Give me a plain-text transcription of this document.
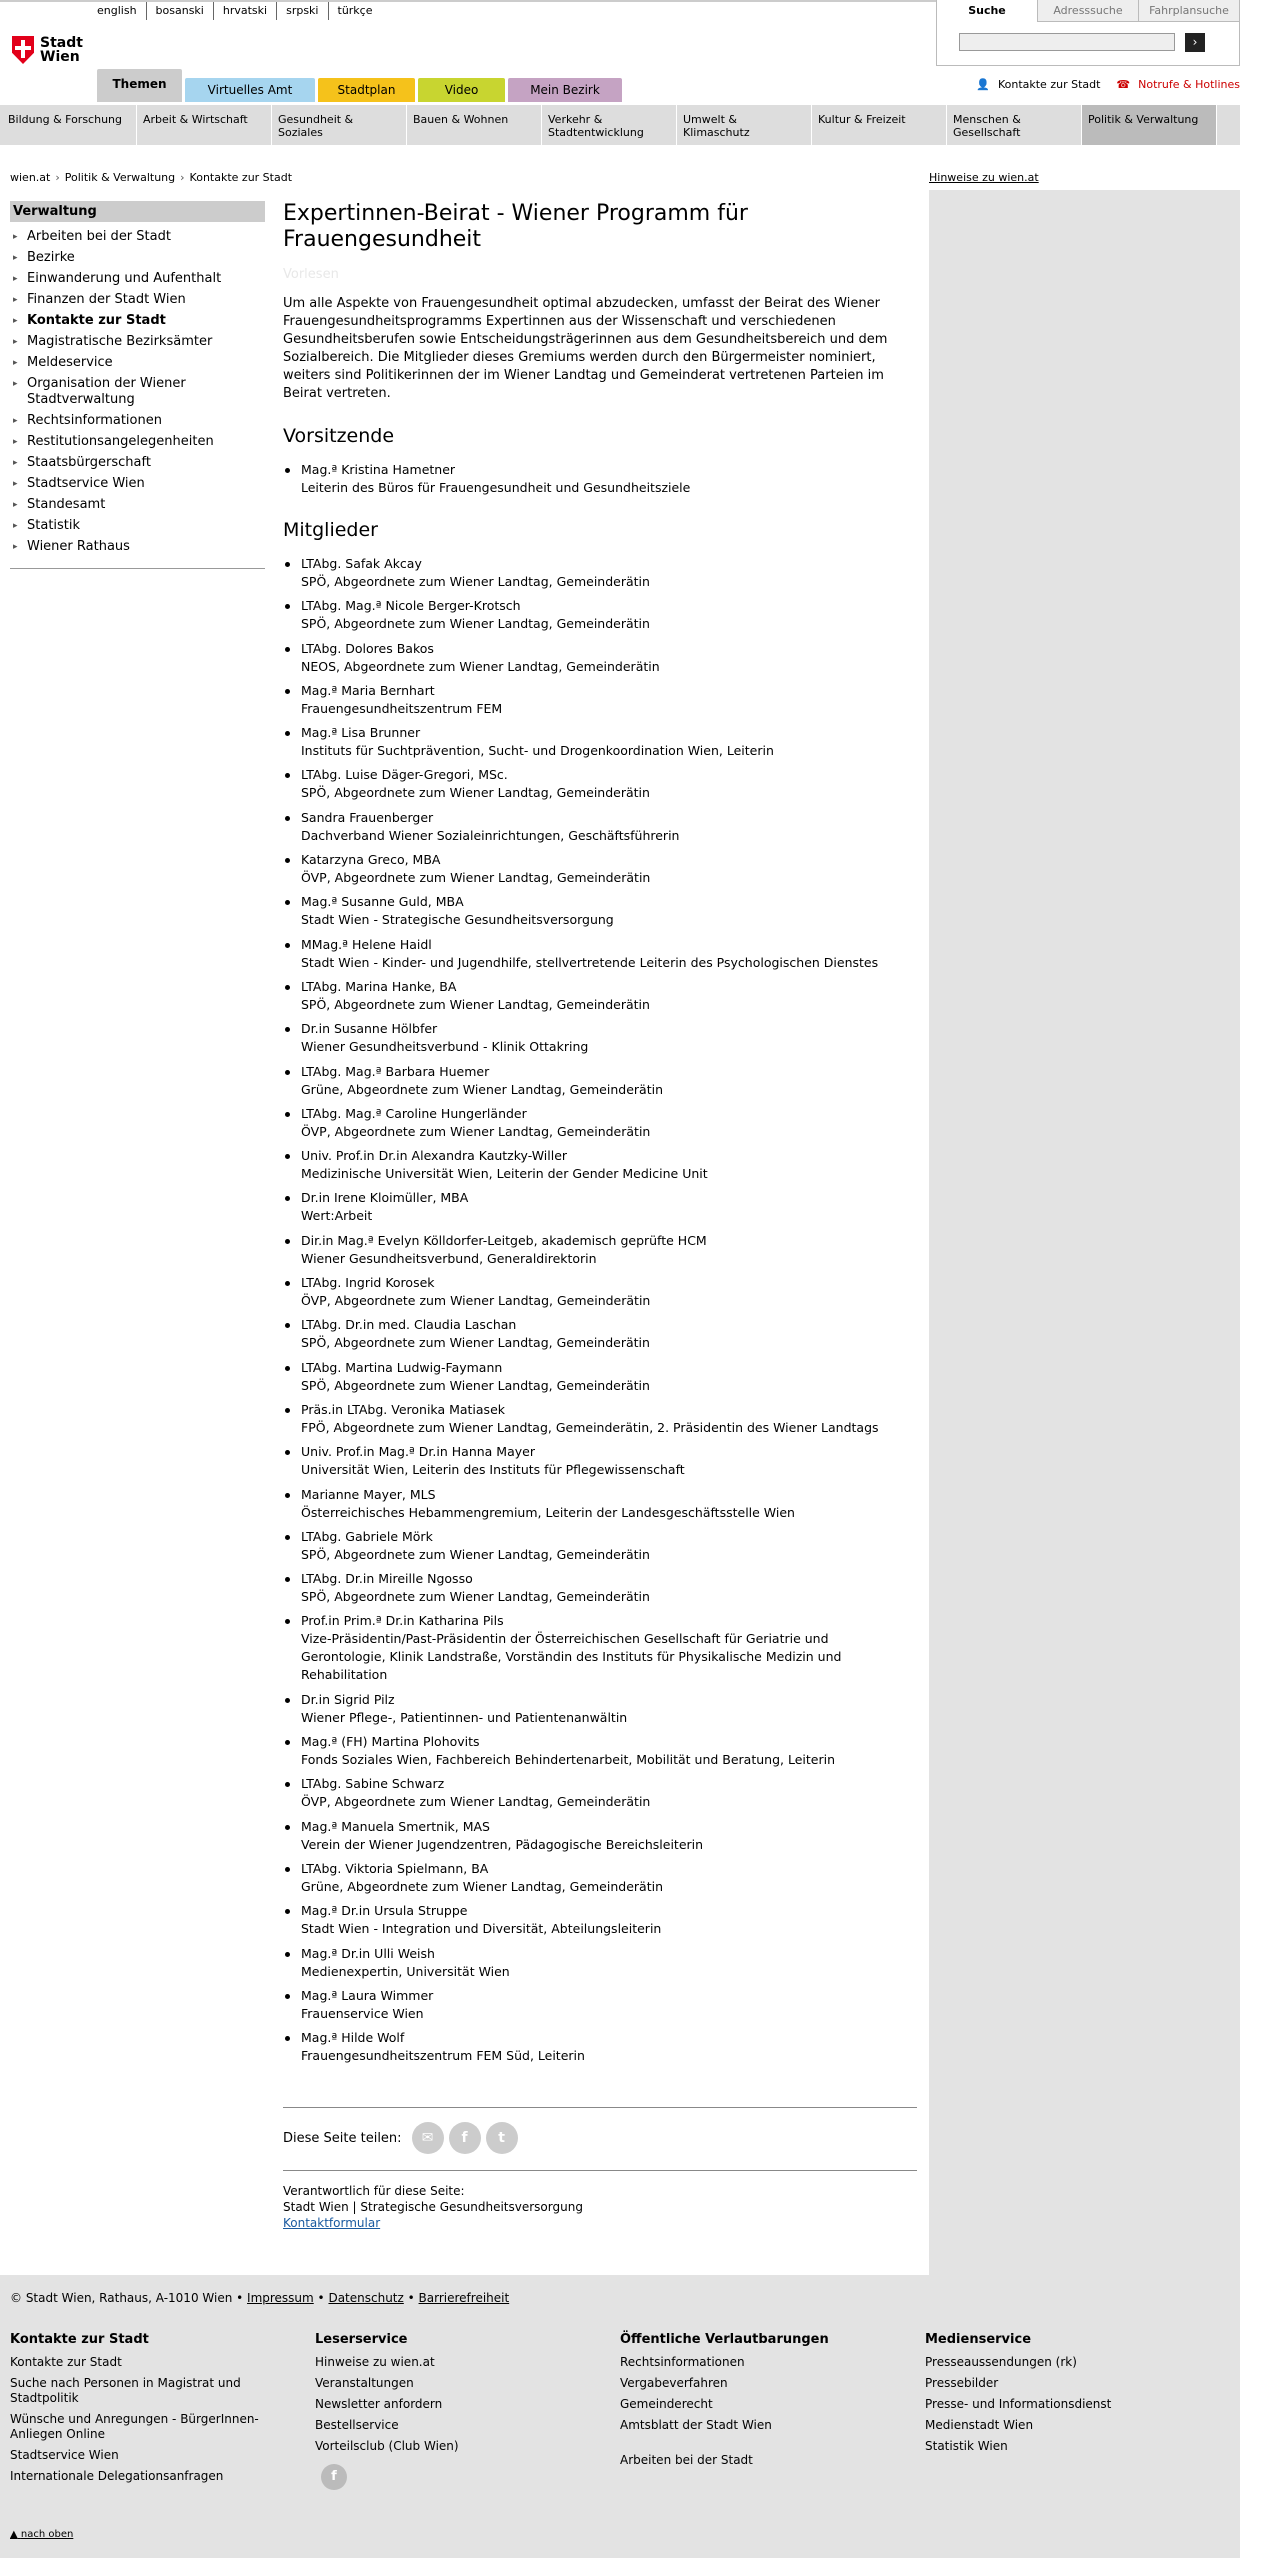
english	bosanski	hrvatski	srpski	türkçe
Stadt
Wien
Suche	Adresssuche	Fahrplansuche
›
👤 Kontakte zur Stadt	☎ Notrufe & Hotlines
Themen	Virtuelles Amt	Stadtplan	Video	Mein Bezirk
Bildung & Forschung	Arbeit & Wirtschaft	Gesundheit & Soziales
Bauen & Wohnen	Verkehr & Stadtentwicklung
Umwelt & Klimaschutz
Kultur & Freizeit	Menschen & Gesellschaft
Politik & Verwaltung
wien.at › Politik & Verwaltung › Kontakte zur Stadt	Hinweise zu wien.at
Verwaltung
▸ Arbeiten bei der Stadt
▸ Bezirke
▸ Einwanderung und Aufenthalt
▸ Finanzen der Stadt Wien
▸ Kontakte zur Stadt
▸ Magistratische Bezirksämter
▸ Meldeservice
▸ Organisation der Wiener Stadtverwaltung
▸ Rechtsinformationen
▸ Restitutionsangelegenheiten
▸ Staatsbürgerschaft
▸ Stadtservice Wien
▸ Standesamt
▸ Statistik
▸ Wiener Rathaus
Expertinnen-Beirat - Wiener Programm für Frauengesundheit
Vorlesen

Um alle Aspekte von Frauengesundheit optimal abzudecken, umfasst der Beirat des Wiener Frauengesundheitsprogramms Expertinnen aus der Wissenschaft und verschiedenen Gesundheitsberufen sowie Entscheidungsträgerinnen aus dem Gesundheitsbereich und dem Sozialbereich. Die Mitglieder dieses Gremiums werden durch den Bürgermeister nominiert, weiters sind Politikerinnen der im Wiener Landtag und Gemeinderat vertretenen Parteien im Beirat vertreten.

Vorsitzende
Mag.ª Kristina Hametner
Leiterin des Büros für Frauengesundheit und Gesundheitsziele
Mitglieder
LTAbg. Safak Akcay
SPÖ, Abgeordnete zum Wiener Landtag, Gemeinderätin
LTAbg. Mag.ª Nicole Berger-Krotsch
SPÖ, Abgeordnete zum Wiener Landtag, Gemeinderätin
LTAbg. Dolores Bakos
NEOS, Abgeordnete zum Wiener Landtag, Gemeinderätin
Mag.ª Maria Bernhart
Frauengesundheitszentrum FEM
Mag.ª Lisa Brunner
Instituts für Suchtprävention, Sucht- und Drogenkoordination Wien, Leiterin
LTAbg. Luise Däger-Gregori, MSc.
SPÖ, Abgeordnete zum Wiener Landtag, Gemeinderätin
Sandra Frauenberger
Dachverband Wiener Sozialeinrichtungen, Geschäftsführerin
Katarzyna Greco, MBA
ÖVP, Abgeordnete zum Wiener Landtag, Gemeinderätin
Mag.ª Susanne Guld, MBA
Stadt Wien - Strategische Gesundheitsversorgung
MMag.ª Helene Haidl
Stadt Wien - Kinder- und Jugendhilfe, stellvertretende Leiterin des Psychologischen Dienstes
LTAbg. Marina Hanke, BA
SPÖ, Abgeordnete zum Wiener Landtag, Gemeinderätin
Dr.in Susanne Hölbfer
Wiener Gesundheitsverbund - Klinik Ottakring
LTAbg. Mag.ª Barbara Huemer
Grüne, Abgeordnete zum Wiener Landtag, Gemeinderätin
LTAbg. Mag.ª Caroline Hungerländer
ÖVP, Abgeordnete zum Wiener Landtag, Gemeinderätin
Univ. Prof.in Dr.in Alexandra Kautzky-Willer
Medizinische Universität Wien, Leiterin der Gender Medicine Unit
Dr.in Irene Kloimüller, MBA
Wert:Arbeit
Dir.in Mag.ª Evelyn Kölldorfer-Leitgeb, akademisch geprüfte HCM
Wiener Gesundheitsverbund, Generaldirektorin
LTAbg. Ingrid Korosek
ÖVP, Abgeordnete zum Wiener Landtag, Gemeinderätin
LTAbg. Dr.in med. Claudia Laschan
SPÖ, Abgeordnete zum Wiener Landtag, Gemeinderätin
LTAbg. Martina Ludwig-Faymann
SPÖ, Abgeordnete zum Wiener Landtag, Gemeinderätin
Präs.in LTAbg. Veronika Matiasek
FPÖ, Abgeordnete zum Wiener Landtag, Gemeinderätin, 2. Präsidentin des Wiener Landtags
Univ. Prof.in Mag.ª Dr.in Hanna Mayer
Universität Wien, Leiterin des Instituts für Pflegewissenschaft
Marianne Mayer, MLS
Österreichisches Hebammengremium, Leiterin der Landesgeschäftsstelle Wien
LTAbg. Gabriele Mörk
SPÖ, Abgeordnete zum Wiener Landtag, Gemeinderätin
LTAbg. Dr.in Mireille Ngosso
SPÖ, Abgeordnete zum Wiener Landtag, Gemeinderätin
Prof.in Prim.ª Dr.in Katharina Pils
Vize-Präsidentin/Past-Präsidentin der Österreichischen Gesellschaft für Geriatrie und Gerontologie, Klinik Landstraße, Vorständin des Instituts für Physikalische Medizin und Rehabilitation
Dr.in Sigrid Pilz
Wiener Pflege-, Patientinnen- und Patientenanwältin
Mag.ª (FH) Martina Plohovits
Fonds Soziales Wien, Fachbereich Behindertenarbeit, Mobilität und Beratung, Leiterin
LTAbg. Sabine Schwarz
ÖVP, Abgeordnete zum Wiener Landtag, Gemeinderätin
Mag.ª Manuela Smertnik, MAS
Verein der Wiener Jugendzentren, Pädagogische Bereichsleiterin
LTAbg. Viktoria Spielmann, BA
Grüne, Abgeordnete zum Wiener Landtag, Gemeinderätin
Mag.ª Dr.in Ursula Struppe
Stadt Wien - Integration und Diversität, Abteilungsleiterin
Mag.ª Dr.in Ulli Weish
Medienexpertin, Universität Wien
Mag.ª Laura Wimmer
Frauenservice Wien
Mag.ª Hilde Wolf
Frauengesundheitszentrum FEM Süd, Leiterin
Diese Seite teilen:	✉	f	t
Verantwortlich für diese Seite:
Stadt Wien | Strategische Gesundheitsversorgung
Kontaktformular
© Stadt Wien, Rathaus, A-1010 Wien • Impressum • Datenschutz • Barrierefreiheit
Kontakte zur Stadt
Kontakte zur Stadt
Suche nach Personen in Magistrat und Stadtpolitik
Wünsche und Anregungen - BürgerInnen-Anliegen Online
Stadtservice Wien
Internationale Delegationsanfragen
Leserservice
Hinweise zu wien.at
Veranstaltungen
Newsletter anfordern
Bestellservice
Vorteilsclub (Club Wien)
f
Öffentliche Verlautbarungen
Rechtsinformationen
Vergabeverfahren
Gemeinderecht
Amtsblatt der Stadt Wien
Arbeiten bei der Stadt
Medienservice
Presseaussendungen (rk)
Pressebilder
Presse- und Informationsdienst
Medienstadt Wien
Statistik Wien
▲ nach oben
